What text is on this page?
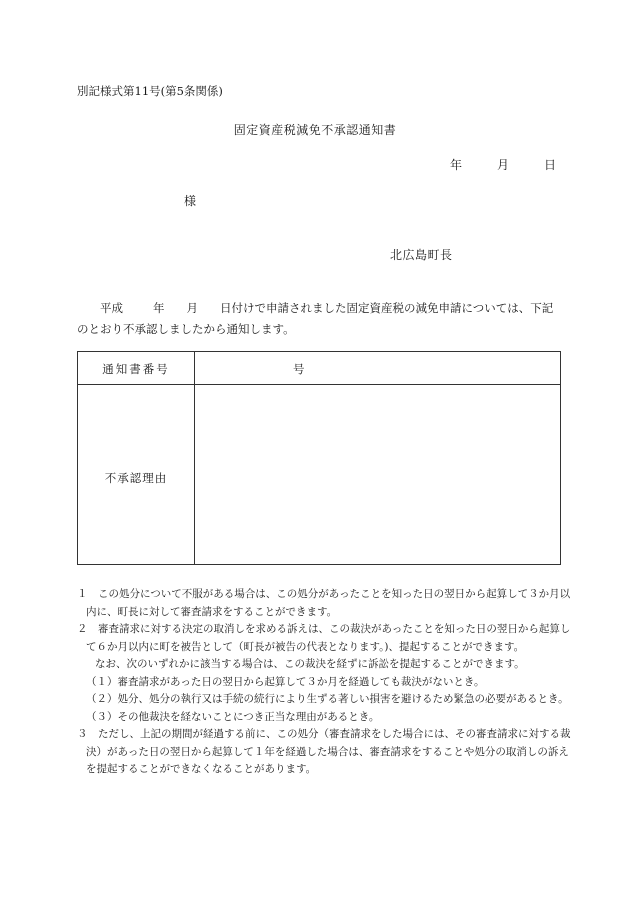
別記様式第11号(第5条関係)
固定資産税減免不承認通知書
年	月	日
様
北広島町長
　　平成	年 月 日付けで申請されました固定資産税の減免申請については、下記
のとおり不承認しましたから通知します。
通知書番号	号
不承認理由
１　この処分について不服がある場合は、この処分があったことを知った日の翌日から起算して３か月以
内に、町長に対して審査請求をすることができます。
２　審査請求に対する決定の取消しを求める訴えは、この裁決があったことを知った日の翌日から起算し
て６か月以内に町を被告として（町長が被告の代表となります。)、提起することができます。
なお、次のいずれかに該当する場合は、この裁決を経ずに訴訟を提起することができます。
（１）審査請求があった日の翌日から起算して３か月を経過しても裁決がないとき。
（２）処分、処分の執行又は手続の続行により生ずる著しい損害を避けるため緊急の必要があるとき。
（３）その他裁決を経ないことにつき正当な理由があるとき。
３　ただし、上記の期間が経過する前に、この処分（審査請求をした場合には、その審査請求に対する裁
決）があった日の翌日から起算して１年を経過した場合は、審査請求をすることや処分の取消しの訴え
を提起することができなくなることがあります。
